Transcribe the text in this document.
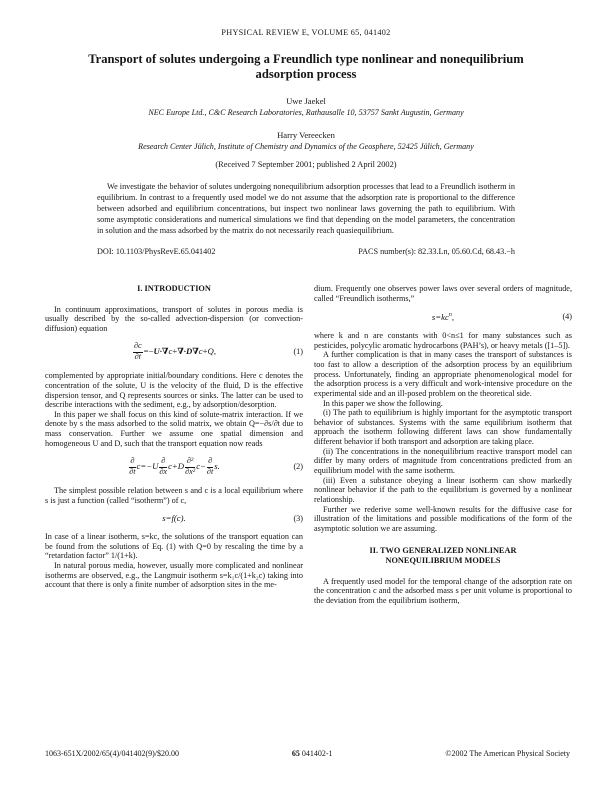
PHYSICAL REVIEW E, VOLUME 65, 041402
Transport of solutes undergoing a Freundlich type nonlinear and nonequilibrium adsorption process
Uwe Jaekel
NEC Europe Ltd., C&C Research Laboratories, Rathausalle 10, 53757 Sankt Augustin, Germany
Harry Vereecken
Research Center Jülich, Institute of Chemistry and Dynamics of the Geosphere, 52425 Jülich, Germany
(Received 7 September 2001; published 2 April 2002)
We investigate the behavior of solutes undergoing nonequilibrium adsorption processes that lead to a Freundlich isotherm in equilibrium. In contrast to a frequently used model we do not assume that the adsorption rate is proportional to the difference between adsorbed and equilibrium concentrations, but inspect two nonlinear laws governing the path to equilibrium. With some asymptotic considerations and numerical simulations we find that depending on the model parameters, the concentration in solution and the mass adsorbed by the matrix do not necessarily reach quasiequilibrium.
DOI: 10.1103/PhysRevE.65.041402	PACS number(s): 82.33.Ln, 05.60.Cd, 68.43.−h
I. INTRODUCTION

In continuum approximations, transport of solutes in porous media is usually described by the so-called advection-dispersion (or convection-diffusion) equation

$\frac{\partial c}{\partial t} =-U\cdot\nabla c+\nabla\cdot D\nabla c+Q$,	(1)

complemented by appropriate initial/boundary conditions. Here c denotes the concentration of the solute, U is the velocity of the fluid, D is the effective dispersion tensor, and Q represents sources or sinks. The latter can be used to describe interactions with the sediment, e.g., by adsorption/desorption.

In this paper we shall focus on this kind of solute-matrix interaction. If we denote by s the mass adsorbed to the solid matrix, we obtain Q=−∂s/∂t due to mass conservation. Further we assume one spatial dimension and homogeneous U and D, such that the transport equation now reads

$\frac{\partial}{\partial t} c=-U \frac{\partial}{\partial x} c+D \frac{\text{∂²}}{\text{∂x²}} c- \frac{\partial}{\partial t} s$.	(2)

The simplest possible relation between s and c is a local equilibrium where s is just a function (called “isotherm”) of c,

s=f(c).	(3)

In case of a linear isotherm, s=kc, the solutions of the transport equation can be found from the solutions of Eq. (1) with Q=0 by rescaling the time by a “retardation factor” 1/(1+k).

In natural porous media, however, usually more complicated and nonlinear isotherms are observed, e.g., the Langmuir isotherm s=k₁c/(1+k₂c) taking into account that there is only a finite number of adsorption sites in the me-

dium. Frequently one observes power laws over several orders of magnitude, called “Freundlich isotherms,”

$s=kc^n$,	(4)

where k and n are constants with 0<n≤1 for many substances such as pesticides, polycylic aromatic hydrocarbons (PAH’s), or heavy metals ([1–5]).

A further complication is that in many cases the transport of substances is too fast to allow a description of the adsorption process by an equilibrium process. Unfortunately, finding an appropriate phenomenological model for the adsorption process is a very difficult and work-intensive procedure on the experimental side and an ill-posed problem on the theoretical side.

In this paper we show the following.

(i) The path to equilibrium is highly important for the asymptotic transport behavior of substances. Systems with the same equilibrium isotherm that approach the isotherm following different laws can show fundamentally different behavior if both transport and adsorption are taking place.

(ii) The concentrations in the nonequilibrium reactive transport model can differ by many orders of magnitude from concentrations predicted from an equilibrium model with the same isotherm.

(iii) Even a substance obeying a linear isotherm can show markedly nonlinear behavior if the path to the equilibrium is governed by a nonlinear relationship.

Further we rederive some well-known results for the diffusive case for illustration of the limitations and possible modifications of the form of the asymptotic solution we are assuming.

II. TWO GENERALIZED NONLINEAR
NONEQUILIBRIUM MODELS

A frequently used model for the temporal change of the adsorption rate on the concentration c and the adsorbed mass s per unit volume is proportional to the deviation from the equilibrium isotherm,

1063-651X/2002/65(4)/041402(9)/$20.00	65 041402-1	©2002 The American Physical Society
